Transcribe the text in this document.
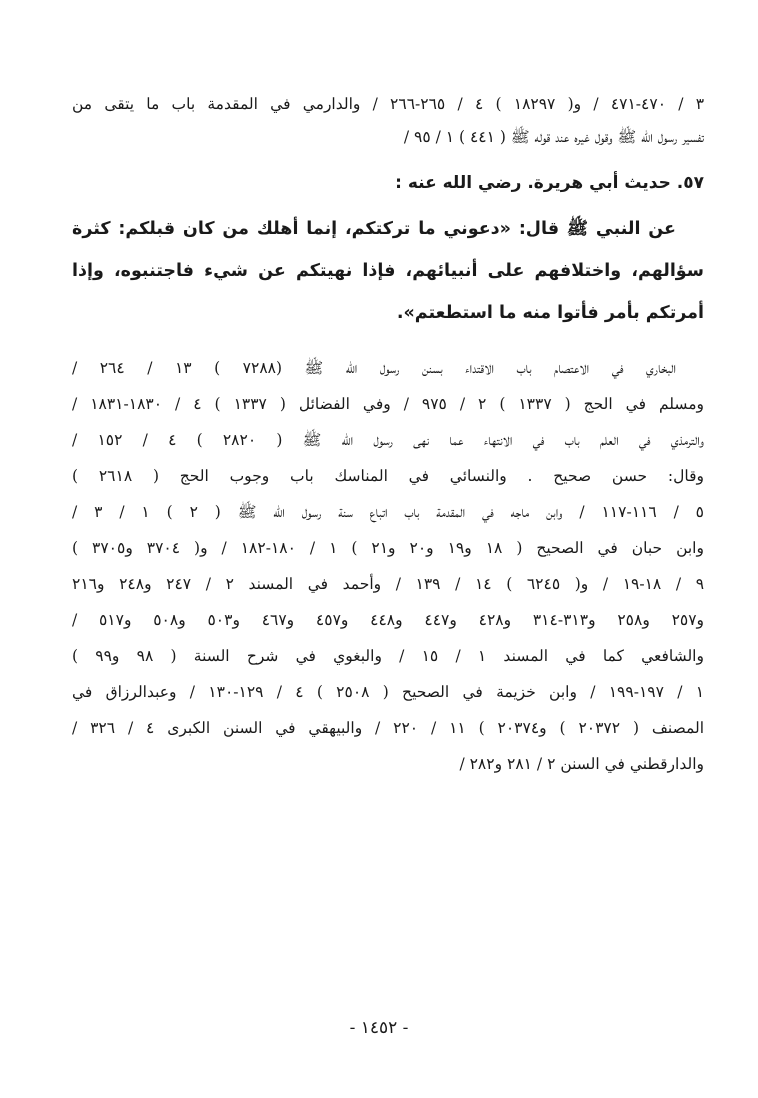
٣ / ٤٧٠-٤٧١ / و( ١٨٢٩٧ ) ٤ / ٢٦٥-٢٦٦ / والدارمي في المقدمة باب ما يتقى من
تفسير رسول الله ﷺ وقول غيره عند قوله ﷺ ( ٤٤١ ) ١ / ٩٥ /
٥٧. حديث أبي هريرة. رضي الله عنه :
عن النبي ﷺ قال: «دعوني ما تركتكم، إنما أهلك من كان قبلكم: كثرة
سؤالهم، واختلافهم على أنبيائهم، فإذا نهيتكم عن شيء فاجتنبوه، وإذا
أمرتكم بأمر فأتوا منه ما استطعتم».
البخاري في الاعتصام باب الاقتداء بسنن رسول الله ﷺ (٧٢٨٨ ) ١٣ / ٢٦٤ /
ومسلم في الحج ( ١٣٣٧ ) ٢ / ٩٧٥ / وفي الفضائل ( ١٣٣٧ ) ٤ / ١٨٣٠-١٨٣١ /
والترمذي في العلم باب في الانتهاء عما نهى رسول الله ﷺ ( ٢٨٢٠ ) ٤ / ١٥٢ /
وقال: حسن صحيح . والنسائي في المناسك باب وجوب الحج ( ٢٦١٨ )
٥ / ١١٦-١١٧ / وابن ماجه في المقدمة باب اتباع سنة رسول الله ﷺ ( ٢ ) ١ / ٣ /
وابن حبان في الصحيح ( ١٨ و١٩ و٢٠ و٢١ ) ١ / ١٨٠-١٨٢ / و( ٣٧٠٤ و٣٧٠٥ )
٩ / ١٨-١٩ / و( ٦٢٤٥ ) ١٤ / ١٣٩ / وأحمد في المسند ٢ / ٢٤٧ و٢٤٨ و٢١٦
و٢٥٧ و٢٥٨ و٣١٣-٣١٤ و٤٢٨ و٤٤٧ و٤٤٨ و٤٥٧ و٤٦٧ و٥٠٣ و٥٠٨ و٥١٧ /
والشافعي كما في المسند ١ / ١٥ / والبغوي في شرح السنة ( ٩٨ و٩٩ )
١ / ١٩٧-١٩٩ / وابن خزيمة في الصحيح ( ٢٥٠٨ ) ٤ / ١٢٩-١٣٠ / وعبدالرزاق في
المصنف ( ٢٠٣٧٢ ) و٢٠٣٧٤ ) ١١ / ٢٢٠ / والبيهقي في السنن الكبرى ٤ / ٣٢٦ /
والدارقطني في السنن ٢ / ٢٨١ و٢٨٢ /
- ١٤٥٢ -
